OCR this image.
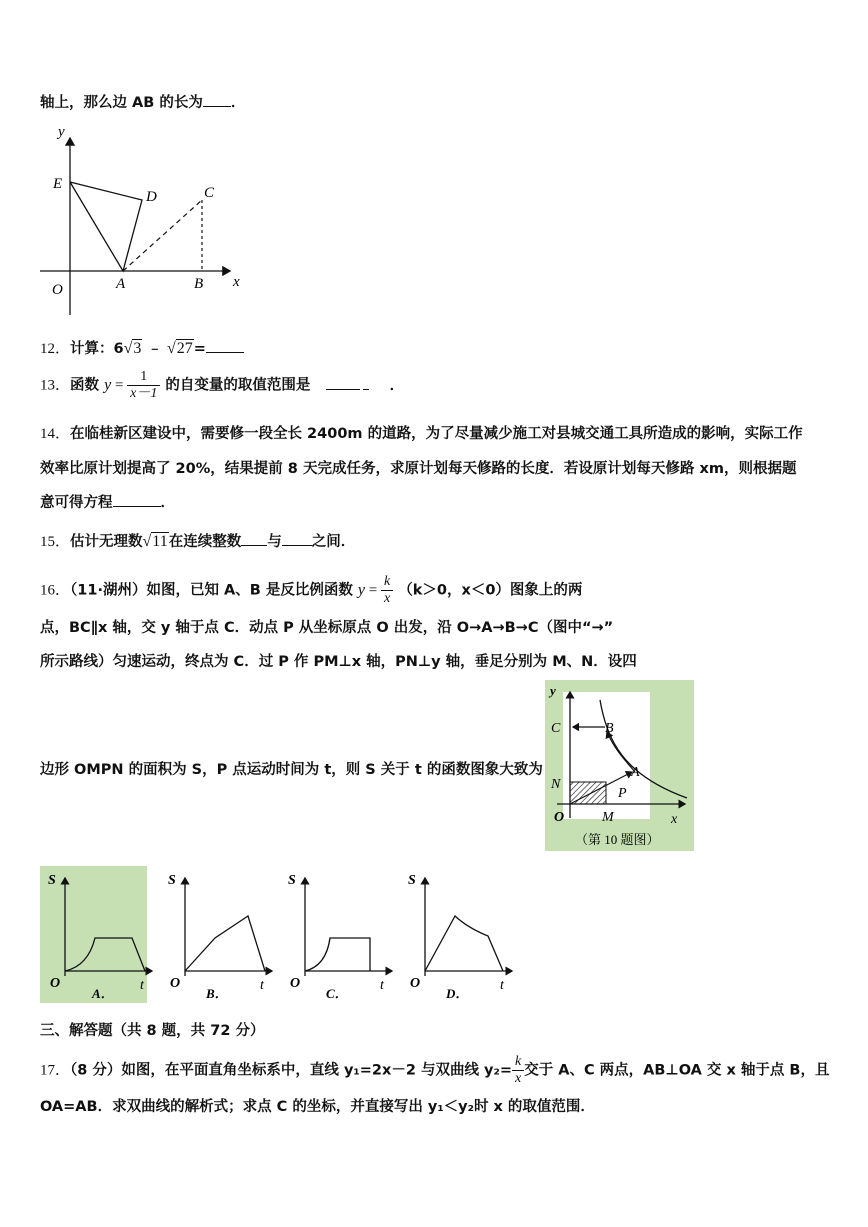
轴上，那么边 AB 的长为 ．
y
E
D	C
O	A	B x
12．计算：6√3 ﹣ √27=
13．函数 $y = \frac{1}{x-1}$ 的自变量的取值范围是	．
14．在临桂新区建设中，需要修一段全长 2400m 的道路，为了尽量减少施工对县城交通工具所造成的影响，实际工作
效率比原计划提高了 20%，结果提前 8 天完成任务，求原计划每天修路的长度．若设原计划每天修路 xm，则根据题
意可得方程	．
15．估计无理数√11在连续整数 与 之间．
16．（11·湖州）如图，已知 A、B 是反比例函数 $y = \frac{k}{x} (k>0$，x＜0）图象上的两
点，BC∥x 轴，交 y 轴于点 C．动点 P 从坐标原点 O 出发，沿 O→A→B→C（图中“→”
所示路线）匀速运动，终点为 C．过 P 作 PM⊥x 轴，PN⊥y 轴，垂足分别为 M、N．设四
边形 OMPN 的面积为 S，P 点运动时间为 t，则 S 关于 t 的函数图象大致为
y
C	B
A
N
P
O	M	x
（第 10 题图）
S
O	t
A．
S
O	t
B．
S
O	t
C．
S
O	t
D．
三、解答题（共 8 题，共 72 分）
17．（8 分）如图，在平面直角坐标系中，直线 y₁=2x－2 与双曲线 $y_2= \frac{k}{x}$ 交于 A、C 两点，AB⊥OA 交 x 轴于点 B，且
OA=AB．求双曲线的解析式；求点 C 的坐标，并直接写出 y₁＜y₂时 x 的取值范围．
